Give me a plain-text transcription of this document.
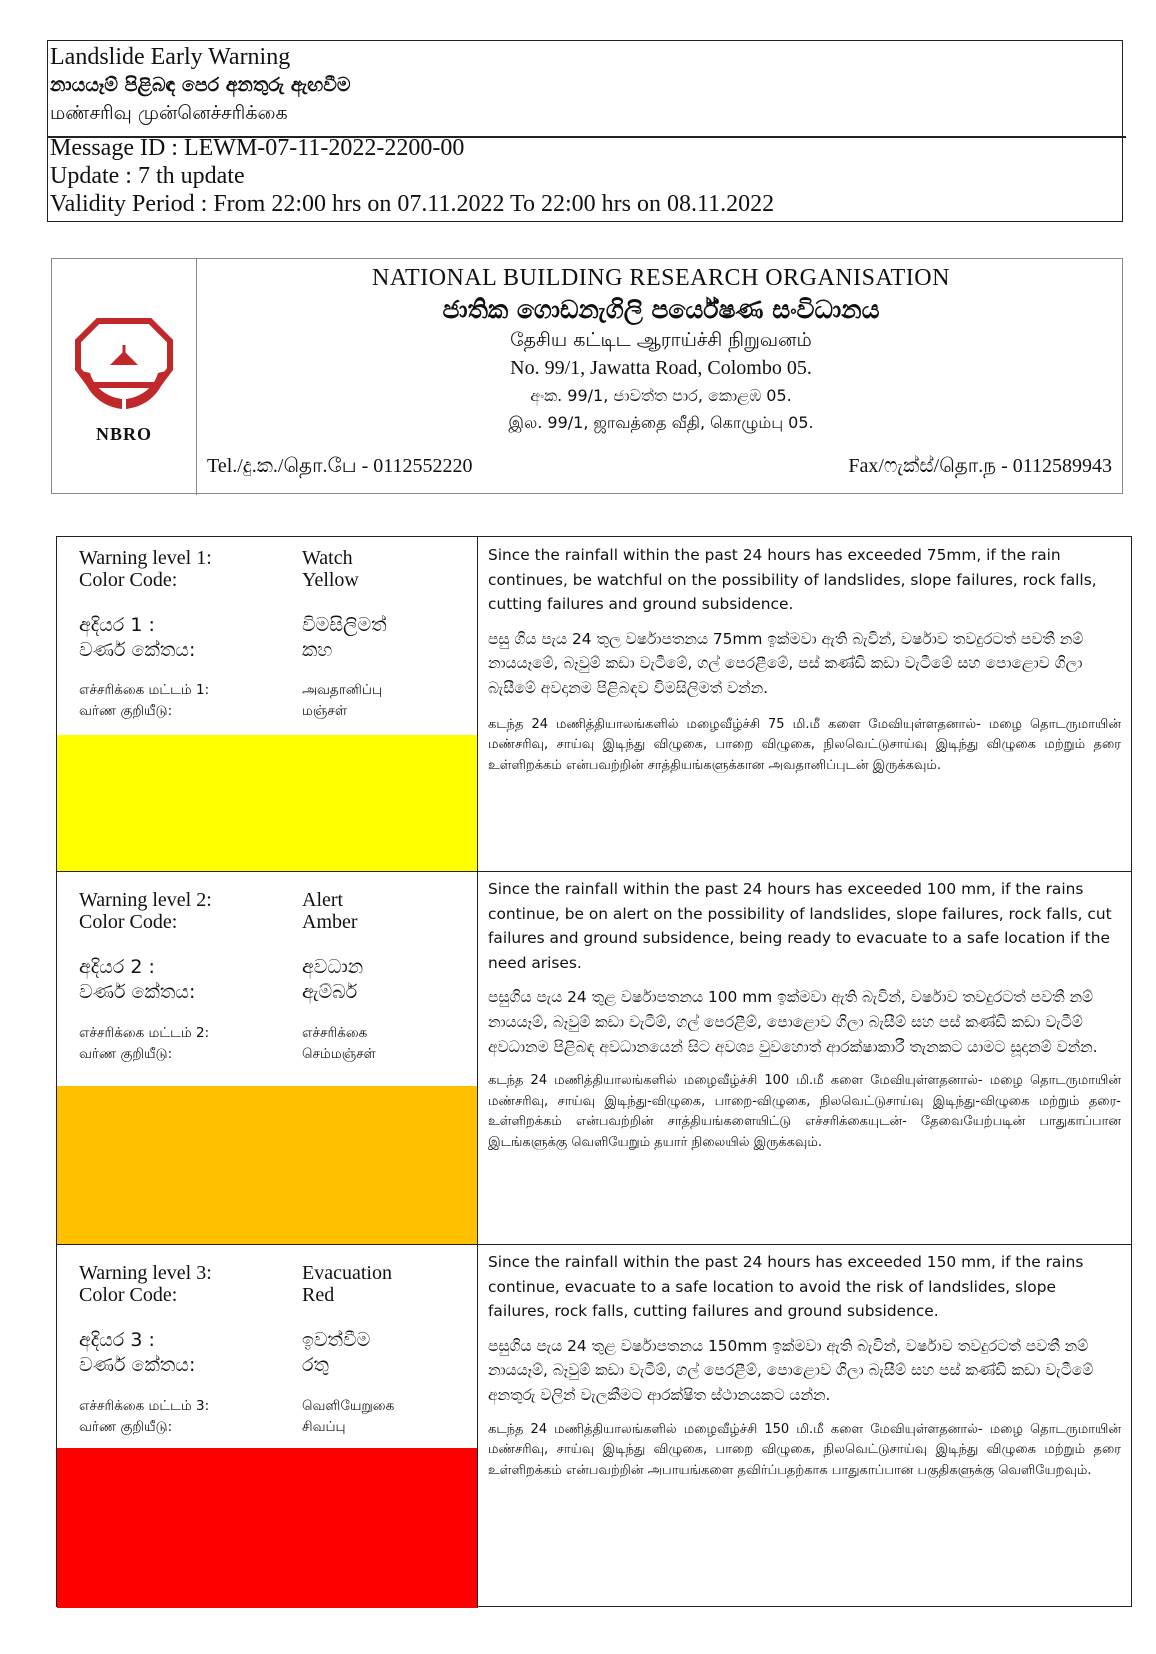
Landslide Early Warning
නායයෑම් පිළිබඳ පෙර අනතුරු ඇඟවීම
மண்சரிவு முன்னெச்சரிக்கை
Message ID : LEWM-07-11-2022-2200-00
Update : 7 th update
Validity Period : From 22:00 hrs on 07.11.2022 To 22:00 hrs on 08.11.2022
NBRO
NATIONAL BUILDING RESEARCH ORGANISATION
ජාතික ගොඩනැගිලි පර්යේෂණ සංවිධානය
தேசிய கட்டிட ஆராய்ச்சி நிறுவனம்
No. 99/1, Jawatta Road, Colombo 05.
අංක. 99/1, ජාවත්ත පාර, කොළඹ 05.
இல. 99/1, ஜாவத்தை வீதி, கொழும்பு 05.
Tel./දු.ක./தொ.பே - 0112552220	Fax/ෆැක්ස්/தொ.ந - 0112589943
Warning level 1:
Color Code:
Watch
Yellow
අදියර 1 :
වර්ණ කේතය:
විමසිලිමත්
කහ
எச்சரிக்கை மட்டம் 1:
வர்ண குறியீடு:
அவதானிப்பு
மஞ்சள்

Since the rainfall within the past 24 hours has exceeded 75mm, if the rain continues, be watchful on the possibility of landslides, slope failures, rock falls, cutting failures and ground subsidence.

පසු ගිය පැය 24 තුල වර්ෂාපතනය 75mm ඉක්මවා ඇති බැවින්, වර්ෂාව තවදුරටත් පවතී නම් නායයෑමේ, බෑවුම් කඩා වැටීමේ, ගල් පෙරළීමේ, පස් කණ්ඩි කඩා වැටීමේ සහ පොළොව ගිලා බැසීමේ අවදානම පිළිබඳව විමසිලිමත් වන්න.

கடந்த 24 மணித்தியாலங்களில் மழைவீழ்ச்சி 75 மி.மீ களை மேவியுள்ளதனால்- மழை தொடருமாயின் மண்சரிவு, சாய்வு இடிந்து விழுகை, பாறை விழுகை, நிலவெட்டுசாய்வு இடிந்து விழுகை மற்றும் தரை உள்ளிறக்கம் என்பவற்றின் சாத்தியங்களுக்கான அவதானிப்புடன் இருக்கவும்.

Warning level 2:
Color Code:
Alert
Amber
අදියර 2 :
වර්ණ කේතය:
අවධාන
ඇම්බර්
எச்சரிக்கை மட்டம் 2:
வர்ண குறியீடு:
எச்சரிக்கை
செம்மஞ்சள்

Since the rainfall within the past 24 hours has exceeded 100 mm, if the rains continue, be on alert on the possibility of landslides, slope failures, rock falls, cut failures and ground subsidence, being ready to evacuate to a safe location if the need arises.

පසුගිය පැය 24 තුළ වර්ෂාපතනය 100 mm ඉක්මවා ඇති බැවින්, වර්ෂාව තවදුරටත් පවතී නම් නායයෑම්, බෑවුම් කඩා වැටීම්, ගල් පෙරළීම්, පොළොව ගිලා බැසීම් සහ පස් කණ්ඩි කඩා වැටීම් අවධානම පිළිබඳ අවධානයෙන් සිට අවශ්‍ය වුවහොත් ආරක්ෂාකාරී තැනකට යාමට සූදානම් වන්න.

கடந்த 24 மணித்தியாலங்களில் மழைவீழ்ச்சி 100 மி.மீ களை மேவியுள்ளதனால்- மழை தொடருமாயின் மண்சரிவு, சாய்வு இடிந்து-விழுகை, பாறை-விழுகை, நிலவெட்டுசாய்வு இடிந்து-விழுகை மற்றும் தரை-உள்ளிறக்கம் என்பவற்றின் சாத்தியங்களையிட்டு எச்சரிக்கையுடன்- தேவையேற்படின் பாதுகாப்பான இடங்களுக்கு வெளியேறும் தயார் நிலையில் இருக்கவும்.

Warning level 3:
Color Code:
Evacuation
Red
අදියර 3 :
වර්ණ කේතය:
ඉවත්වීම
රතු
எச்சரிக்கை மட்டம் 3:
வர்ண குறியீடு:
வெளியேறுகை
சிவப்பு

Since the rainfall within the past 24 hours has exceeded 150 mm, if the rains continue, evacuate to a safe location to avoid the risk of landslides, slope failures, rock falls, cutting failures and ground subsidence.

පසුගිය පැය 24 තුළ වර්ෂාපතනය 150mm ඉක්මවා ඇති බැවින්, වර්ෂාව තවදුරටත් පවතී නම් නායයෑම්, බෑවුම් කඩා වැටීම්, ගල් පෙරළීම්, පොළොව ගිලා බැසීම් සහ පස් කණ්ඩි කඩා වැටීමේ අනතුරු වලින් වැලකීමට ආරක්ෂිත ස්ථානයකට යන්න.

கடந்த 24 மணித்தியாலங்களில் மழைவீழ்ச்சி 150 மி.மீ களை மேவியுள்ளதனால்- மழை தொடருமாயின் மண்சரிவு, சாய்வு இடிந்து விழுகை, பாறை விழுகை, நிலவெட்டுசாய்வு இடிந்து விழுகை மற்றும் தரை உள்ளிறக்கம் என்பவற்றின் அபாயங்களை தவிர்ப்பதற்காக பாதுகாப்பான பகுதிகளுக்கு வெளியேறவும்.
